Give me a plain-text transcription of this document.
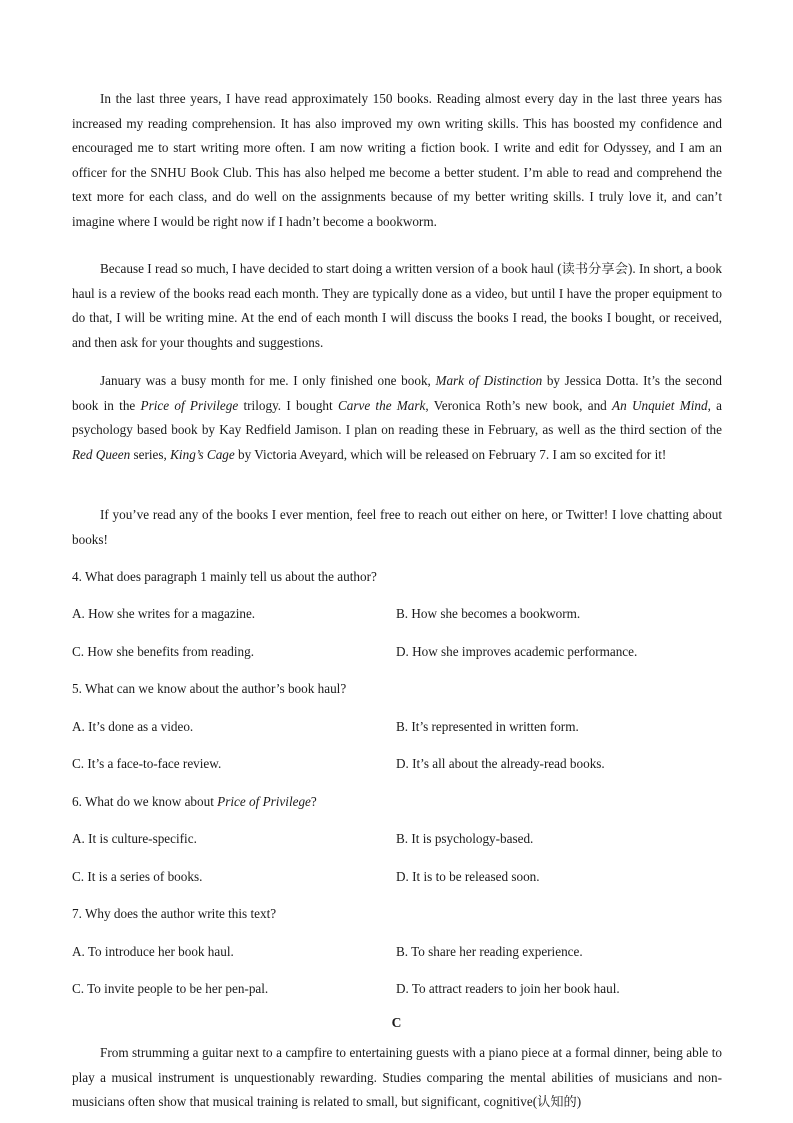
In the last three years, I have read approximately 150 books. Reading almost every day in the last three years has increased my reading comprehension. It has also improved my own writing skills. This has boosted my confidence and encouraged me to start writing more often. I am now writing a fiction book. I write and edit for Odyssey, and I am an officer for the SNHU Book Club. This has also helped me become a better student. I’m able to read and comprehend the text more for each class, and do well on the assignments because of my better writing skills. I truly love it, and can’t imagine where I would be right now if I hadn’t become a bookworm.

Because I read so much, I have decided to start doing a written version of a book haul (读书分享会). In short, a book haul is a review of the books read each month. They are typically done as a video, but until I have the proper equipment to do that, I will be writing mine. At the end of each month I will discuss the books I read, the books I bought, or received, and then ask for your thoughts and suggestions.

January was a busy month for me. I only finished one book, Mark of Distinction by Jessica Dotta. It’s the second book in the Price of Privilege trilogy. I bought Carve the Mark, Veronica Roth’s new book, and An Unquiet Mind, a psychology based book by Kay Redfield Jamison. I plan on reading these in February, as well as the third section of the Red Queen series, King’s Cage by Victoria Aveyard, which will be released on February 7. I am so excited for it!

If you’ve read any of the books I ever mention, feel free to reach out either on here, or Twitter! I love chatting about books!

4. What does paragraph 1 mainly tell us about the author?

A. How she writes for a magazine.	B. How she becomes a bookworm.
C. How she benefits from reading.	D. How she improves academic performance.

5. What can we know about the author’s book haul?

A. It’s done as a video.	B. It’s represented in written form.
C. It’s a face-to-face review.	D. It’s all about the already-read books.

6. What do we know about Price of Privilege?

A. It is culture-specific.	B. It is psychology-based.
C. It is a series of books.	D. It is to be released soon.

7. Why does the author write this text?

A. To introduce her book haul.	B. To share her reading experience.
C. To invite people to be her pen-pal.	D. To attract readers to join her book haul.
C

From strumming a guitar next to a campfire to entertaining guests with a piano piece at a formal dinner, being able to play a musical instrument is unquestionably rewarding. Studies comparing the mental abilities of musicians and non-musicians often show that musical training is related to small, but significant, cognitive(认知的)
